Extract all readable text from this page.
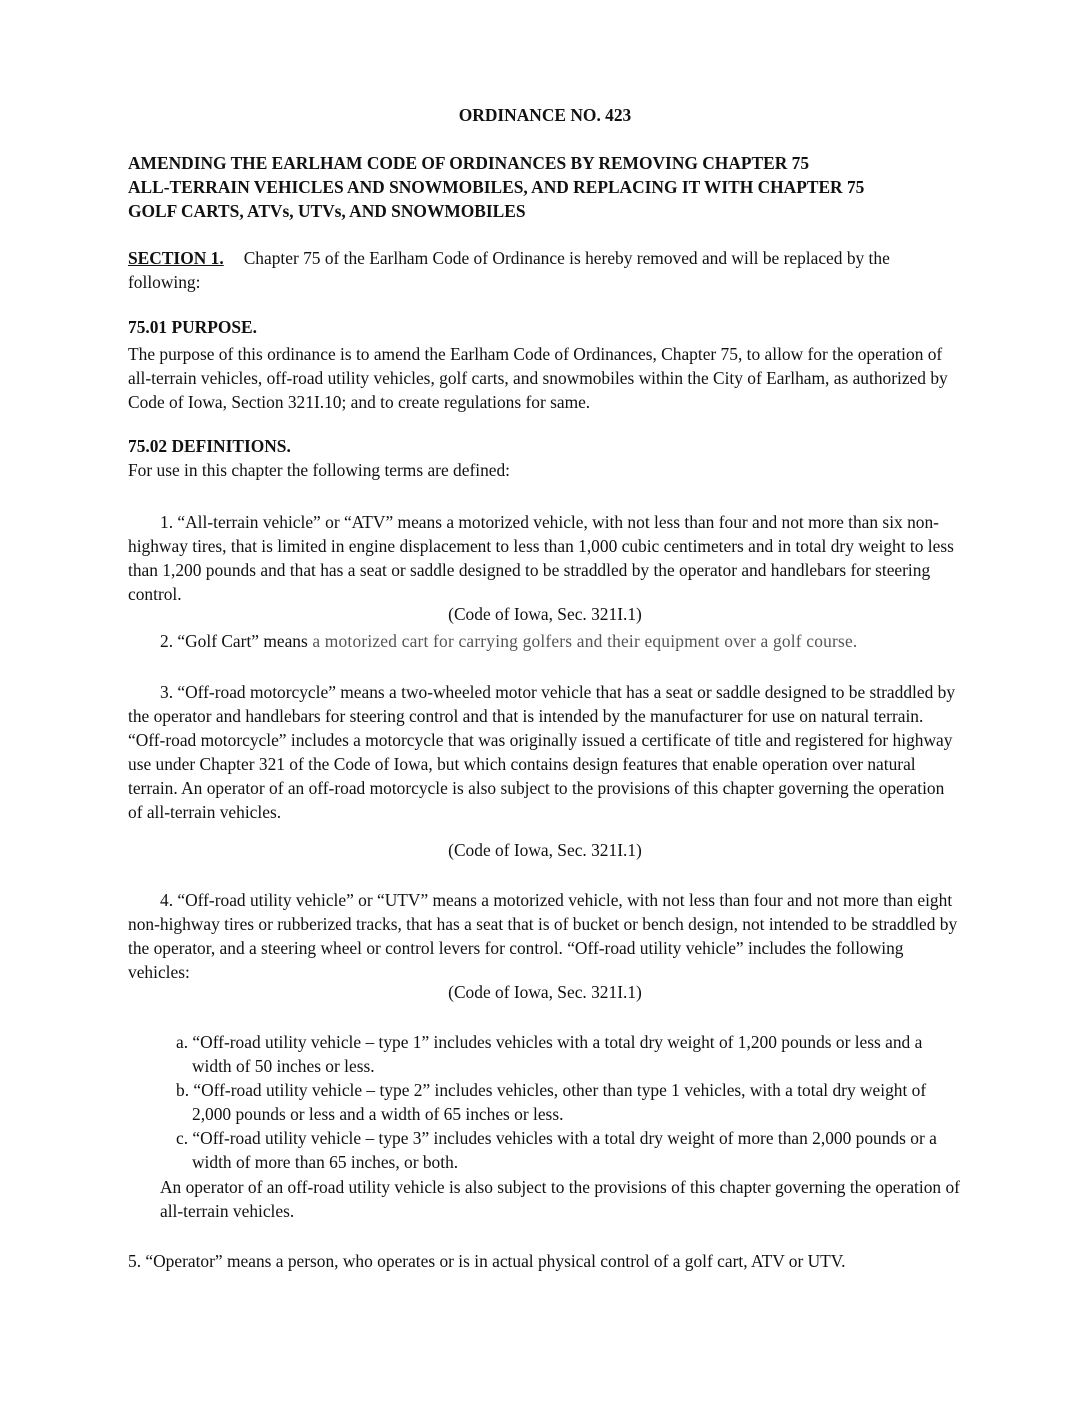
ORDINANCE NO. 423
AMENDING THE EARLHAM CODE OF ORDINANCES BY REMOVING CHAPTER 75
ALL-TERRAIN VEHICLES AND SNOWMOBILES, AND REPLACING IT WITH CHAPTER 75
GOLF CARTS, ATVs, UTVs, AND SNOWMOBILES
SECTION 1. Chapter 75 of the Earlham Code of Ordinance is hereby removed and will be replaced by the following:
75.01 PURPOSE.
The purpose of this ordinance is to amend the Earlham Code of Ordinances, Chapter 75, to allow for the operation of all-terrain vehicles, off-road utility vehicles, golf carts, and snowmobiles within the City of Earlham, as authorized by Code of Iowa, Section 321I.10; and to create regulations for same.
75.02 DEFINITIONS.
For use in this chapter the following terms are defined:
1. “All-terrain vehicle” or “ATV” means a motorized vehicle, with not less than four and not more than six non-highway tires, that is limited in engine displacement to less than 1,000 cubic centimeters and in total dry weight to less than 1,200 pounds and that has a seat or saddle designed to be straddled by the operator and handlebars for steering control.
(Code of Iowa, Sec. 321I.1)
2. “Golf Cart” means a motorized cart for carrying golfers and their equipment over a golf course.
3. “Off-road motorcycle” means a two-wheeled motor vehicle that has a seat or saddle designed to be straddled by the operator and handlebars for steering control and that is intended by the manufacturer for use on natural terrain. “Off-road motorcycle” includes a motorcycle that was originally issued a certificate of title and registered for highway use under Chapter 321 of the Code of Iowa, but which contains design features that enable operation over natural terrain. An operator of an off-road motorcycle is also subject to the provisions of this chapter governing the operation of all-terrain vehicles.
(Code of Iowa, Sec. 321I.1)
4. “Off-road utility vehicle” or “UTV” means a motorized vehicle, with not less than four and not more than eight non-highway tires or rubberized tracks, that has a seat that is of bucket or bench design, not intended to be straddled by the operator, and a steering wheel or control levers for control. “Off-road utility vehicle” includes the following vehicles:
(Code of Iowa, Sec. 321I.1)
a. “Off-road utility vehicle – type 1” includes vehicles with a total dry weight of 1,200 pounds or less and a width of 50 inches or less.
b. “Off-road utility vehicle – type 2” includes vehicles, other than type 1 vehicles, with a total dry weight of 2,000 pounds or less and a width of 65 inches or less.
c. “Off-road utility vehicle – type 3” includes vehicles with a total dry weight of more than 2,000 pounds or a width of more than 65 inches, or both.
An operator of an off-road utility vehicle is also subject to the provisions of this chapter governing the operation of all-terrain vehicles.
5. “Operator” means a person, who operates or is in actual physical control of a golf cart, ATV or UTV.
